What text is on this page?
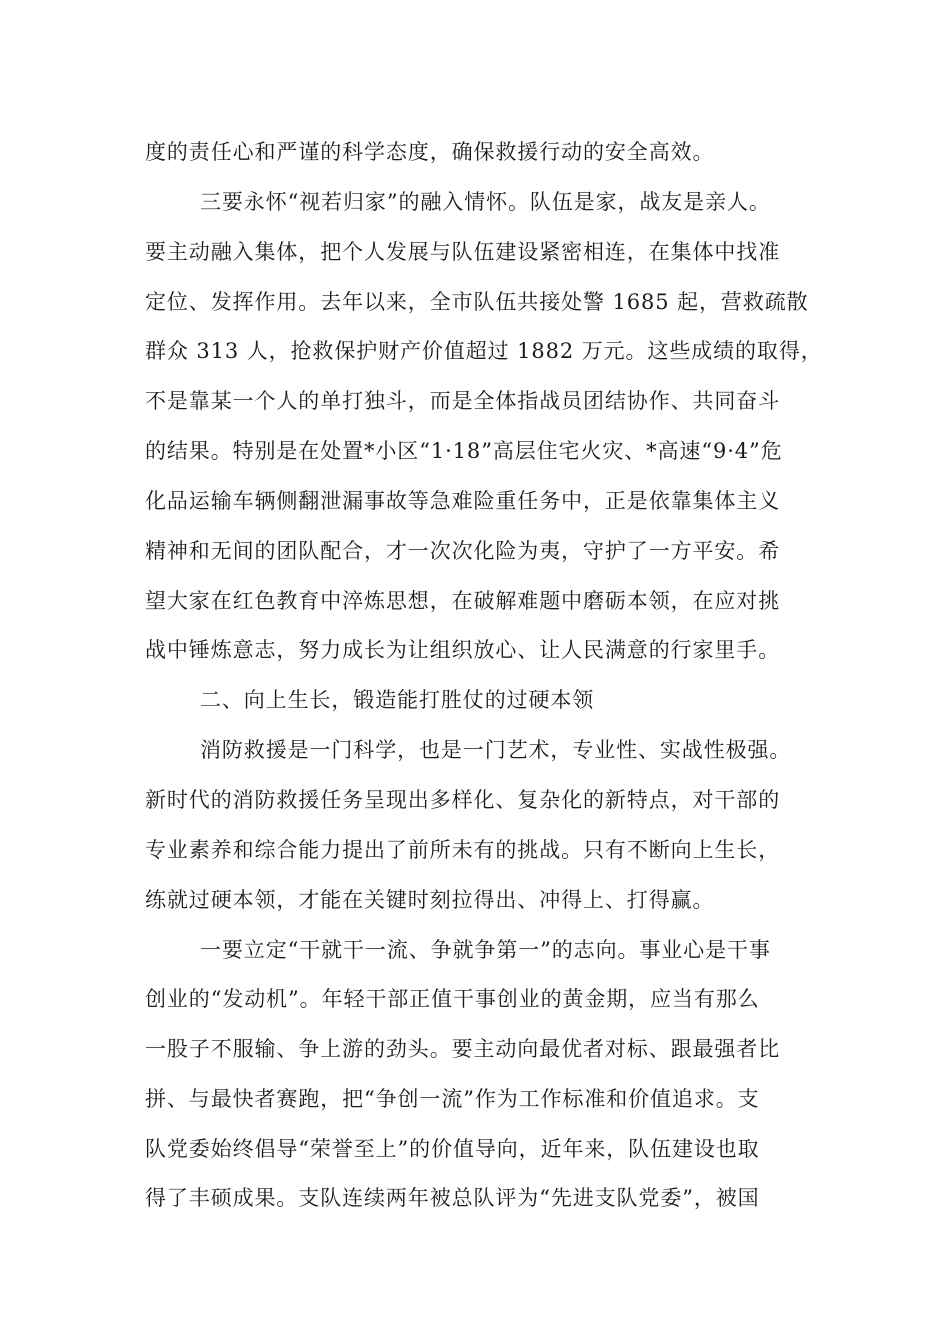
度的责任心和严谨的科学态度，确保救援行动的安全高效。
三要永怀“视若归家”的融入情怀。队伍是家，战友是亲人。
要主动融入集体，把个人发展与队伍建设紧密相连，在集体中找准
定位、发挥作用。去年以来，全市队伍共接处警 1685 起，营救疏散
群众 313 人，抢救保护财产价值超过 1882 万元。这些成绩的取得，
不是靠某一个人的单打独斗，而是全体指战员团结协作、共同奋斗
的结果。特别是在处置*小区“1·18”高层住宅火灾、*高速“9·4”危
化品运输车辆侧翻泄漏事故等急难险重任务中，正是依靠集体主义
精神和无间的团队配合，才一次次化险为夷，守护了一方平安。希
望大家在红色教育中淬炼思想，在破解难题中磨砺本领，在应对挑
战中锤炼意志，努力成长为让组织放心、让人民满意的行家里手。
二、向上生长，锻造能打胜仗的过硬本领
消防救援是一门科学，也是一门艺术，专业性、实战性极强。
新时代的消防救援任务呈现出多样化、复杂化的新特点，对干部的
专业素养和综合能力提出了前所未有的挑战。只有不断向上生长，
练就过硬本领，才能在关键时刻拉得出、冲得上、打得赢。
一要立定“干就干一流、争就争第一”的志向。事业心是干事
创业的“发动机”。年轻干部正值干事创业的黄金期，应当有那么
一股子不服输、争上游的劲头。要主动向最优者对标、跟最强者比
拼、与最快者赛跑，把“争创一流”作为工作标准和价值追求。支
队党委始终倡导“荣誉至上”的价值导向，近年来，队伍建设也取
得了丰硕成果。支队连续两年被总队评为“先进支队党委”，被国
